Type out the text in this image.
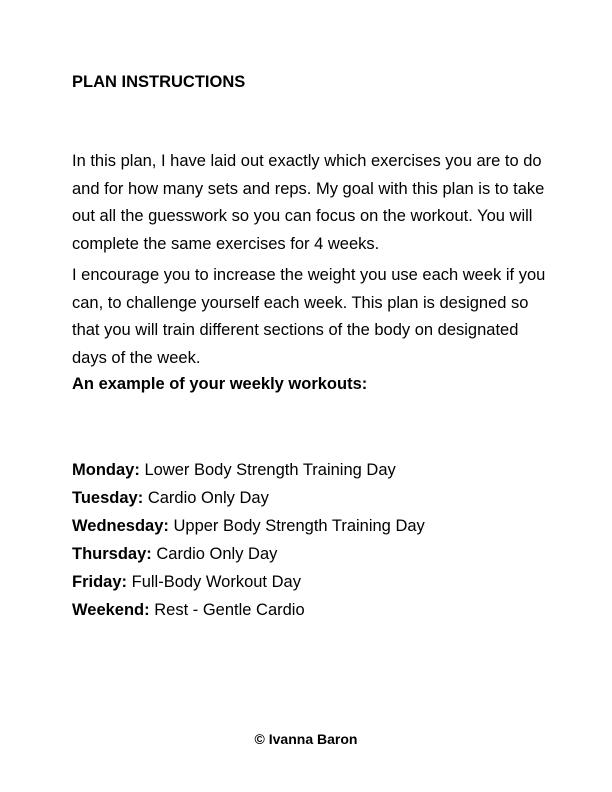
PLAN INSTRUCTIONS
In this plan, I have laid out exactly which exercises you are to do and for how many sets and reps. My goal with this plan is to take out all the guesswork so you can focus on the workout. You will complete the same exercises for 4 weeks.
I encourage you to increase the weight you use each week if you can, to challenge yourself each week. This plan is designed so that you will train different sections of the body on designated days of the week.
An example of your weekly workouts:
Monday: Lower Body Strength Training Day
Tuesday: Cardio Only Day
Wednesday: Upper Body Strength Training Day
Thursday: Cardio Only Day
Friday: Full-Body Workout Day
Weekend: Rest - Gentle Cardio
© Ivanna Baron
